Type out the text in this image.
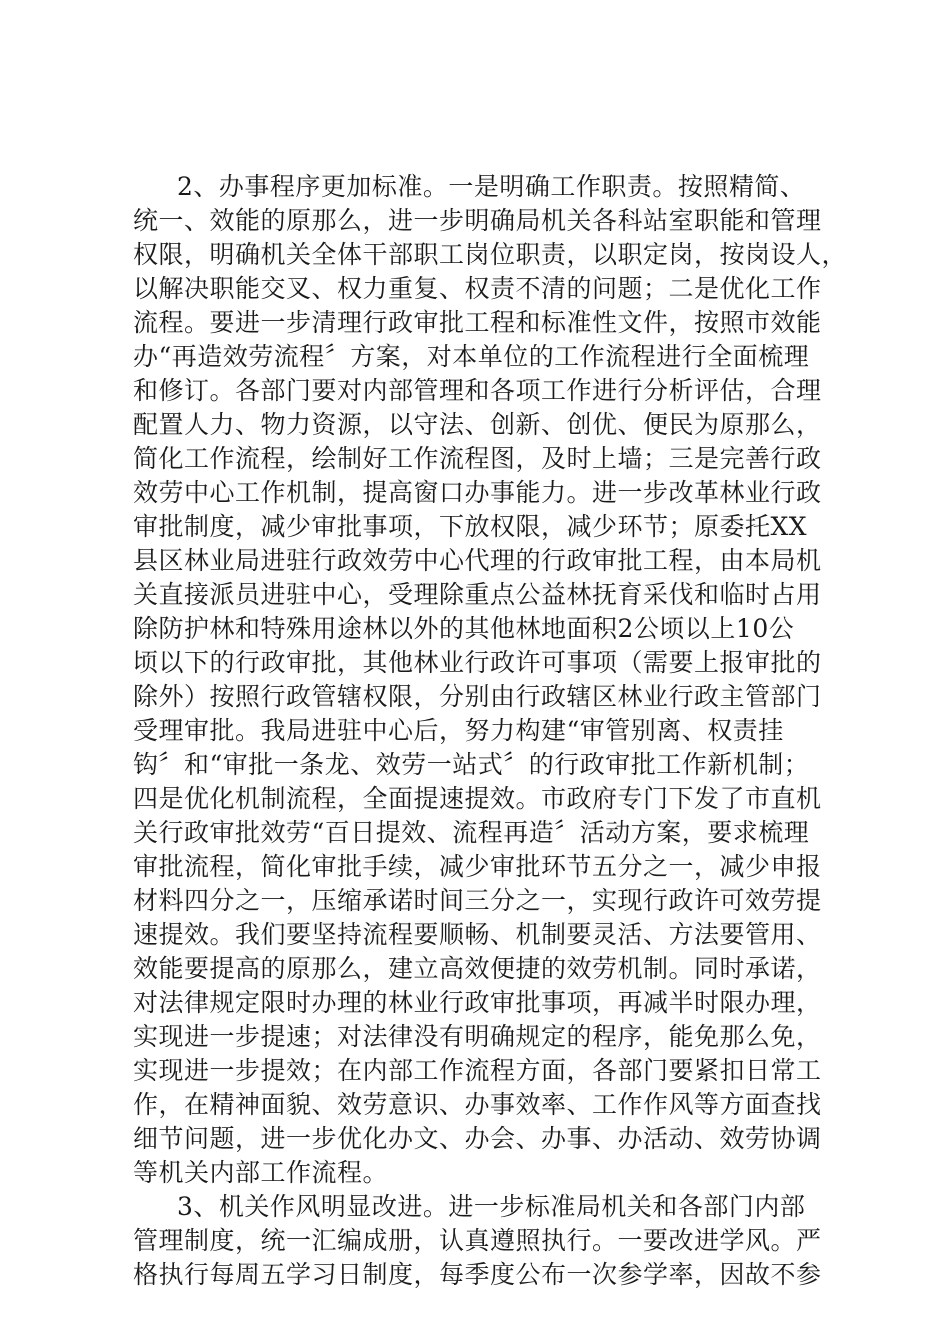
2、办事程序更加标准。一是明确工作职责。按照精简、
统一、效能的原那么，进一步明确局机关各科站室职能和管理
权限，明确机关全体干部职工岗位职责，以职定岗，按岗设人，
以解决职能交叉、权力重复、权责不清的问题；二是优化工作
流程。要进一步清理行政审批工程和标准性文件，按照市效能
办“再造效劳流程〞方案，对本单位的工作流程进行全面梳理
和修订。各部门要对内部管理和各项工作进行分析评估，合理
配置人力、物力资源，以守法、创新、创优、便民为原那么，
简化工作流程，绘制好工作流程图，及时上墙；三是完善行政
效劳中心工作机制，提高窗口办事能力。进一步改革林业行政
审批制度，减少审批事项，下放权限，减少环节；原委托XX
县区林业局进驻行政效劳中心代理的行政审批工程，由本局机
关直接派员进驻中心，受理除重点公益林抚育采伐和临时占用
除防护林和特殊用途林以外的其他林地面积2公顷以上10公
顷以下的行政审批，其他林业行政许可事项（需要上报审批的
除外）按照行政管辖权限，分别由行政辖区林业行政主管部门
受理审批。我局进驻中心后，努力构建“审管别离、权责挂
钩〞和“审批一条龙、效劳一站式〞的行政审批工作新机制；
四是优化机制流程，全面提速提效。市政府专门下发了市直机
关行政审批效劳“百日提效、流程再造〞活动方案，要求梳理
审批流程，简化审批手续，减少审批环节五分之一，减少申报
材料四分之一，压缩承诺时间三分之一，实现行政许可效劳提
速提效。我们要坚持流程要顺畅、机制要灵活、方法要管用、
效能要提高的原那么，建立高效便捷的效劳机制。同时承诺，
对法律规定限时办理的林业行政审批事项，再减半时限办理，
实现进一步提速；对法律没有明确规定的程序，能免那么免，
实现进一步提效；在内部工作流程方面，各部门要紧扣日常工
作，在精神面貌、效劳意识、办事效率、工作作风等方面查找
细节问题，进一步优化办文、办会、办事、办活动、效劳协调
等机关内部工作流程。
3、机关作风明显改进。进一步标准局机关和各部门内部
管理制度，统一汇编成册，认真遵照执行。一要改进学风。严
格执行每周五学习日制度，每季度公布一次参学率，因故不参
